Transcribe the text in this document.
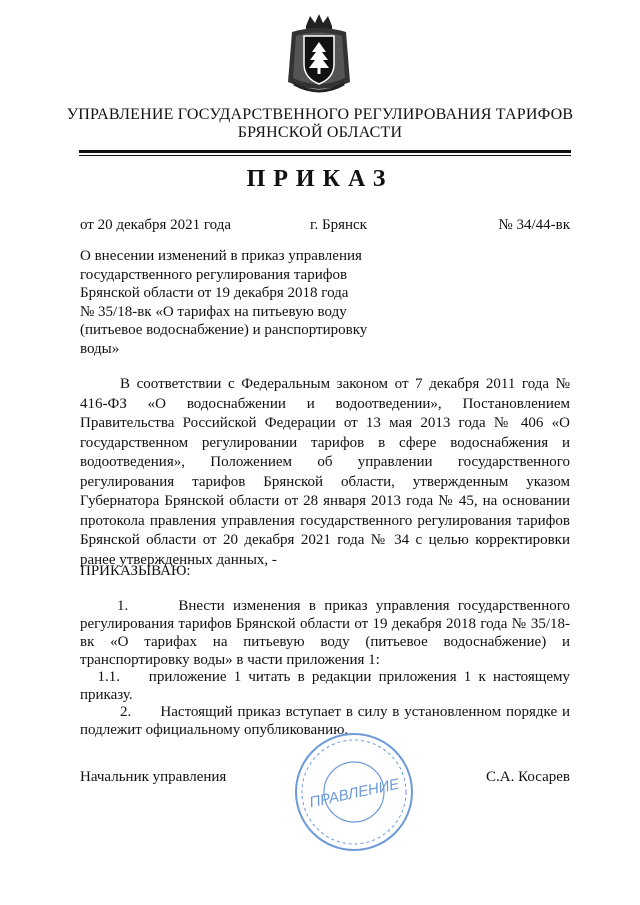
УПРАВЛЕНИЕ ГОСУДАРСТВЕННОГО РЕГУЛИРОВАНИЯ ТАРИФОВ
БРЯНСКОЙ ОБЛАСТИ
ПРИКАЗ
от 20 декабря 2021 года	г. Брянск	№ 34/44-вк
О внесении изменений в приказ управления
государственного регулирования тарифов
Брянской области от 19 декабря 2018 года
№ 35/18-вк «О тарифах на питьевую воду
(питьевое водоснабжение) и ранспортировку
воды»
В соответствии с Федеральным законом от 7 декабря 2011 года № 416-ФЗ «О водоснабжении и водоотведении», Постановлением Правительства Российской Федерации от 13 мая 2013 года № 406 «О государственном регулировании тарифов в сфере водоснабжения и водоотведения», Положением об управлении государственного регулирования тарифов Брянской области, утвержденным указом Губернатора Брянской области от 28 января 2013 года № 45, на основании протокола правления управления государственного регулирования тарифов Брянской области от 20 декабря 2021 года № 34 с целью корректировки ранее утвержденных данных, -
ПРИКАЗЫВАЮ:
1.	Внести изменения в приказ управления государственного регулирования тарифов Брянской области от 19 декабря 2018 года № 35/18-вк «О тарифах на питьевую воду (питьевое водоснабжение) и транспортировку воды» в части приложения 1:
1.1. приложение 1 читать в редакции приложения 1 к настоящему приказу.
2. Настоящий приказ вступает в силу в установленном порядке и подлежит официальному опубликованию.
Начальник управления	С.А. Косарев
ПРАВЛЕНИЕ
